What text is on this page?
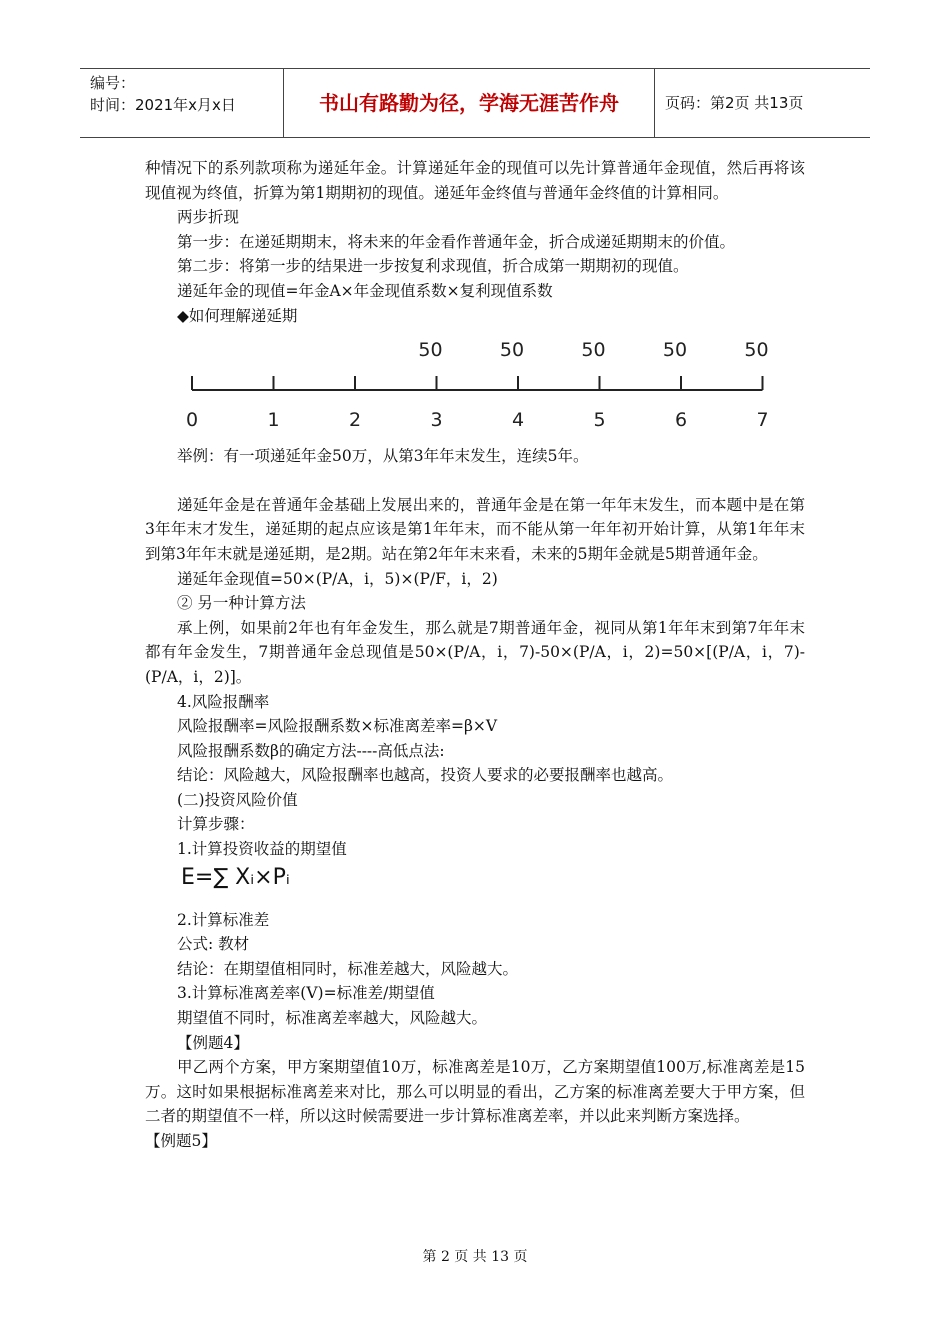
编号：
时间：2021年x月x日	书山有路勤为径，学海无涯苦作舟	页码：第2页 共13页

种情况下的系列款项称为递延年金。计算递延年金的现值可以先计算普通年金现值，然后再将该现值视为终值，折算为第1期期初的现值。递延年金终值与普通年金终值的计算相同。

两步折现

第一步：在递延期期末，将未来的年金看作普通年金，折合成递延期期末的价值。

第二步：将第一步的结果进一步按复利求现值，折合成第一期期初的现值。

递延年金的现值=年金A×年金现值系数×复利现值系数

◆如何理解递延期

0	1	2	3	4	5	6	7
50	50	50	50	50

举例：有一项递延年金50万，从第3年年末发生，连续5年。

递延年金是在普通年金基础上发展出来的，普通年金是在第一年年末发生，而本题中是在第3年年末才发生，递延期的起点应该是第1年年末，而不能从第一年年初开始计算，从第1年年末到第3年年末就是递延期，是2期。站在第2年年末来看，未来的5期年金就是5期普通年金。

递延年金现值=50×(P/A，i，5)×(P/F，i，2)

② 另一种计算方法

承上例，如果前2年也有年金发生，那么就是7期普通年金，视同从第1年年末到第7年年末都有年金发生，7期普通年金总现值是50×(P/A，i，7)-50×(P/A，i，2)=50×[(P/A，i，7)-(P/A，i，2)]。

4.风险报酬率

风险报酬率=风险报酬系数×标准离差率=β×V

风险报酬系数β的确定方法----高低点法:

结论：风险越大，风险报酬率也越高，投资人要求的必要报酬率也越高。

(二)投资风险价值

计算步骤：

1.计算投资收益的期望值

E=∑ Xᵢ×Pᵢ

2.计算标准差

公式: 教材

结论：在期望值相同时，标准差越大，风险越大。

3.计算标准离差率(V)=标准差/期望值

期望值不同时，标准离差率越大，风险越大。

【例题4】

甲乙两个方案，甲方案期望值10万，标准离差是10万，乙方案期望值100万,标准离差是15万。这时如果根据标准离差来对比，那么可以明显的看出，乙方案的标准离差要大于甲方案，但二者的期望值不一样，所以这时候需要进一步计算标准离差率，并以此来判断方案选择。

【例题5】

第 2 页 共 13 页
